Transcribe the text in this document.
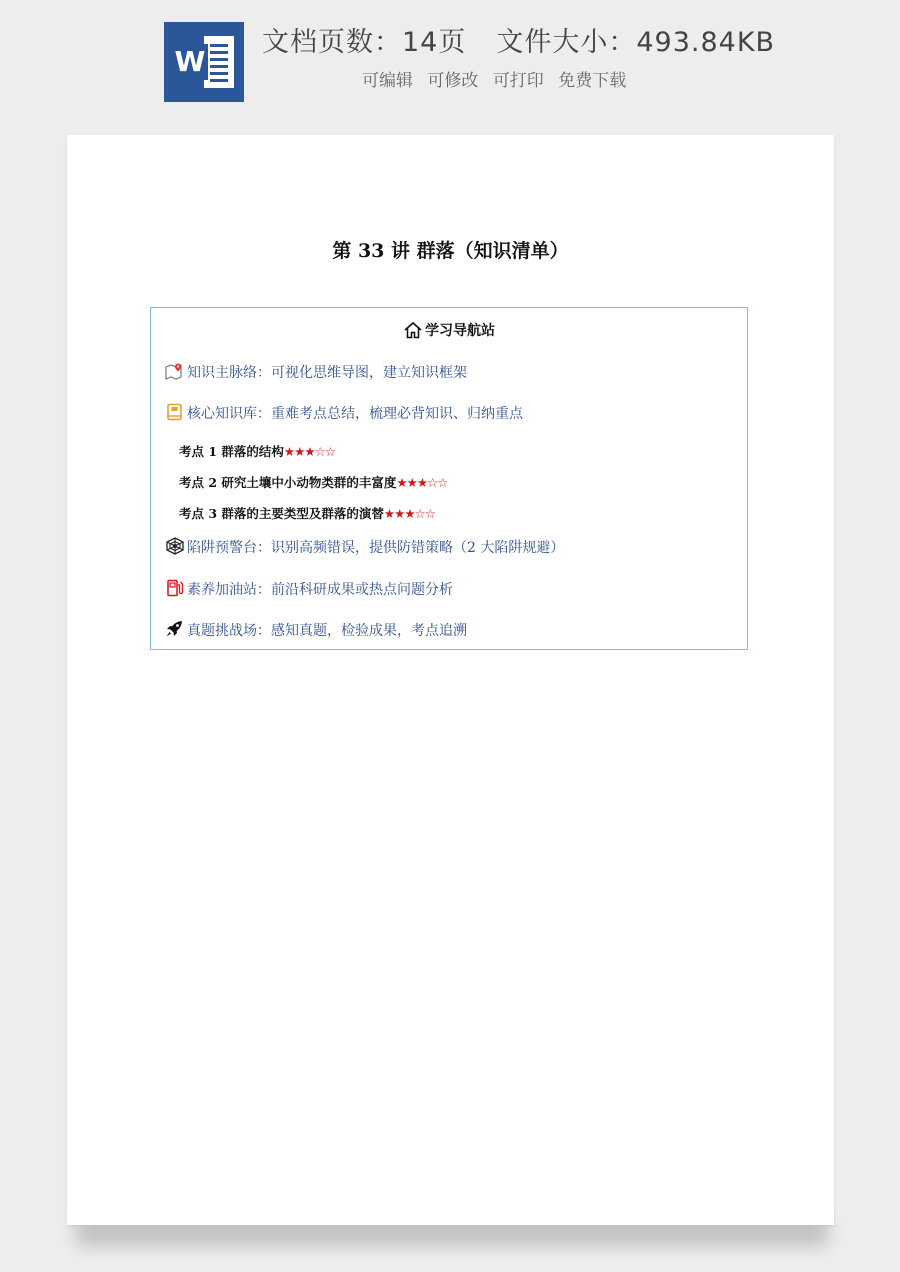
W
文档页数：14页 文件大小：493.84KB
可编辑 可修改 可打印 免费下载
第 33 讲 群落（知识清单）
学习导航站
知识主脉络：可视化思维导图，建立知识框架
核心知识库：重难考点总结，梳理必背知识、归纳重点
考点 1 群落的结构★★★☆☆
考点 2 研究土壤中小动物类群的丰富度★★★☆☆
考点 3 群落的主要类型及群落的演替★★★☆☆
陷阱预警台：识别高频错误，提供防错策略（2 大陷阱规避）
素养加油站：前沿科研成果或热点问题分析
真题挑战场：感知真题，检验成果，考点追溯
